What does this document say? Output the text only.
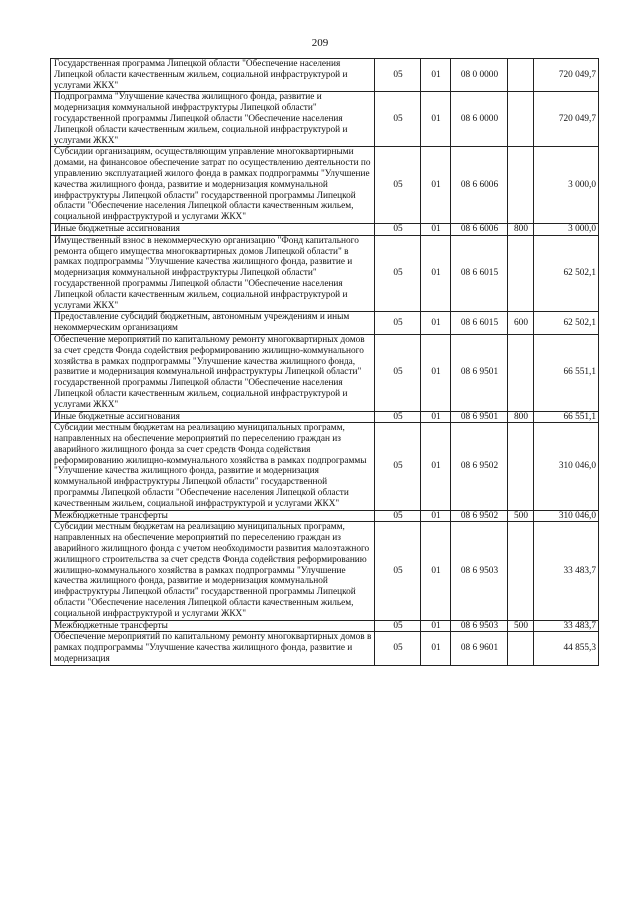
209
Государственная программа Липецкой области "Обеспечение населения Липецкой области качественным жильем, социальной инфраструктурой и услугами ЖКХ"	05	01	08 0 0000		720 049,7
Подпрограмма "Улучшение качества жилищного фонда, развитие и модернизация коммунальной инфраструктуры Липецкой области" государственной программы Липецкой области "Обеспечение населения Липецкой области качественным жильем, социальной инфраструктурой и услугами ЖКХ"	05	01	08 6 0000		720 049,7
Субсидии организациям, осуществляющим управление многоквартирными домами, на финансовое обеспечение затрат по осуществлению деятельности по управлению эксплуатацией жилого фонда в рамках подпрограммы "Улучшение качества жилищного фонда, развитие и модернизация коммунальной инфраструктуры Липецкой области" государственной программы Липецкой области "Обеспечение населения Липецкой области качественным жильем, социальной инфраструктурой и услугами ЖКХ"	05	01	08 6 6006		3 000,0
Иные бюджетные ассигнования	05	01	08 6 6006	800	3 000,0
Имущественный взнос в некоммерческую организацию "Фонд капитального ремонта общего имущества многоквартирных домов Липецкой области" в рамках подпрограммы "Улучшение качества жилищного фонда, развитие и модернизация коммунальной инфраструктуры Липецкой области" государственной программы Липецкой области "Обеспечение населения Липецкой области качественным жильем, социальной инфраструктурой и услугами ЖКХ"	05	01	08 6 6015		62 502,1
Предоставление субсидий бюджетным, автономным учреждениям и иным некоммерческим организациям	05	01	08 6 6015	600	62 502,1
Обеспечение мероприятий по капитальному ремонту многоквартирных домов за счет средств Фонда содействия реформированию жилищно-коммунального хозяйства в рамках подпрограммы "Улучшение качества жилищного фонда, развитие и модернизация коммунальной инфраструктуры Липецкой области" государственной программы Липецкой области "Обеспечение населения Липецкой области качественным жильем, социальной инфраструктурой и услугами ЖКХ"	05	01	08 6 9501		66 551,1
Иные бюджетные ассигнования	05	01	08 6 9501	800	66 551,1
Субсидии местным бюджетам на реализацию муниципальных программ, направленных на обеспечение мероприятий по переселению граждан из аварийного жилищного фонда за счет средств Фонда содействия реформированию жилищно-коммунального хозяйства в рамках подпрограммы "Улучшение качества жилищного фонда, развитие и модернизация коммунальной инфраструктуры Липецкой области" государственной программы Липецкой области "Обеспечение населения Липецкой области качественным жильем, социальной инфраструктурой и услугами ЖКХ"	05	01	08 6 9502		310 046,0
Межбюджетные трансферты	05	01	08 6 9502	500	310 046,0
Субсидии местным бюджетам на реализацию муниципальных программ, направленных на обеспечение мероприятий по переселению граждан из аварийного жилищного фонда с учетом необходимости развития малоэтажного жилищного строительства за счет средств Фонда содействия реформированию жилищно-коммунального хозяйства в рамках подпрограммы "Улучшение качества жилищного фонда, развитие и модернизация коммунальной инфраструктуры Липецкой области" государственной программы Липецкой области "Обеспечение населения Липецкой области качественным жильем, социальной инфраструктурой и услугами ЖКХ"	05	01	08 6 9503		33 483,7
Межбюджетные трансферты	05	01	08 6 9503	500	33 483,7
Обеспечение мероприятий по капитальному ремонту многоквартирных домов в рамках подпрограммы "Улучшение качества жилищного фонда, развитие и модернизация	05	01	08 6 9601		44 855,3
